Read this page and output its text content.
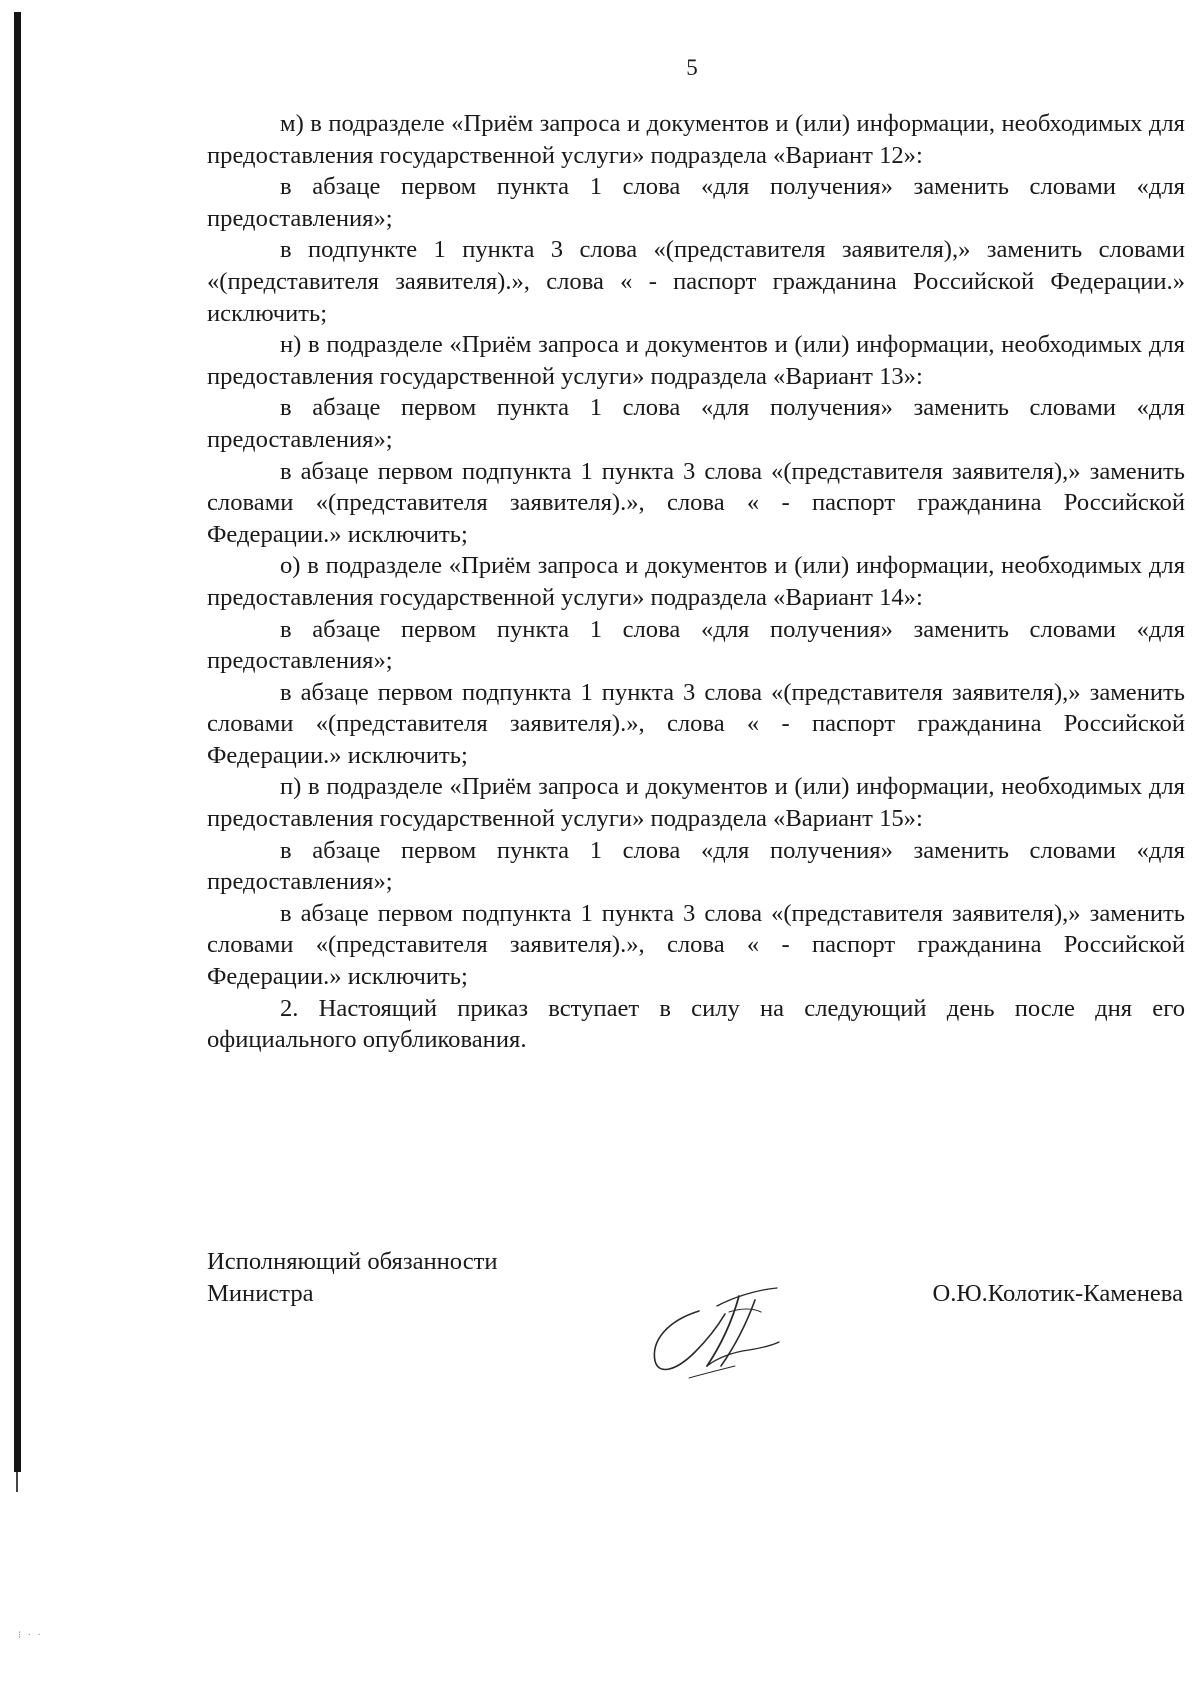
5

м) в подразделе «Приём запроса и документов и (или) информации, необходимых для предоставления государственной услуги» подраздела «Вариант 12»:

в абзаце первом пункта 1 слова «для получения» заменить словами «для предоставления»;

в подпункте 1 пункта 3 слова «(представителя заявителя),» заменить словами «(представителя заявителя).», слова « - паспорт гражданина Российской Федерации.» исключить;

н) в подразделе «Приём запроса и документов и (или) информации, необходимых для предоставления государственной услуги» подраздела «Вариант 13»:

в абзаце первом пункта 1 слова «для получения» заменить словами «для предоставления»;

в абзаце первом подпункта 1 пункта 3 слова «(представителя заявителя),» заменить словами «(представителя заявителя).», слова « - паспорт гражданина Российской Федерации.» исключить;

о) в подразделе «Приём запроса и документов и (или) информации, необходимых для предоставления государственной услуги» подраздела «Вариант 14»:

в абзаце первом пункта 1 слова «для получения» заменить словами «для предоставления»;

в абзаце первом подпункта 1 пункта 3 слова «(представителя заявителя),» заменить словами «(представителя заявителя).», слова « - паспорт гражданина Российской Федерации.» исключить;

п) в подразделе «Приём запроса и документов и (или) информации, необходимых для предоставления государственной услуги» подраздела «Вариант 15»:

в абзаце первом пункта 1 слова «для получения» заменить словами «для предоставления»;

в абзаце первом подпункта 1 пункта 3 слова «(представителя заявителя),» заменить словами «(представителя заявителя).», слова « - паспорт гражданина Российской Федерации.» исключить;

2. Настоящий приказ вступает в силу на следующий день после дня его официального опубликования.

Исполняющий обязанности
Министра	О.Ю.Колотик-Каменева
⁝ · ·
